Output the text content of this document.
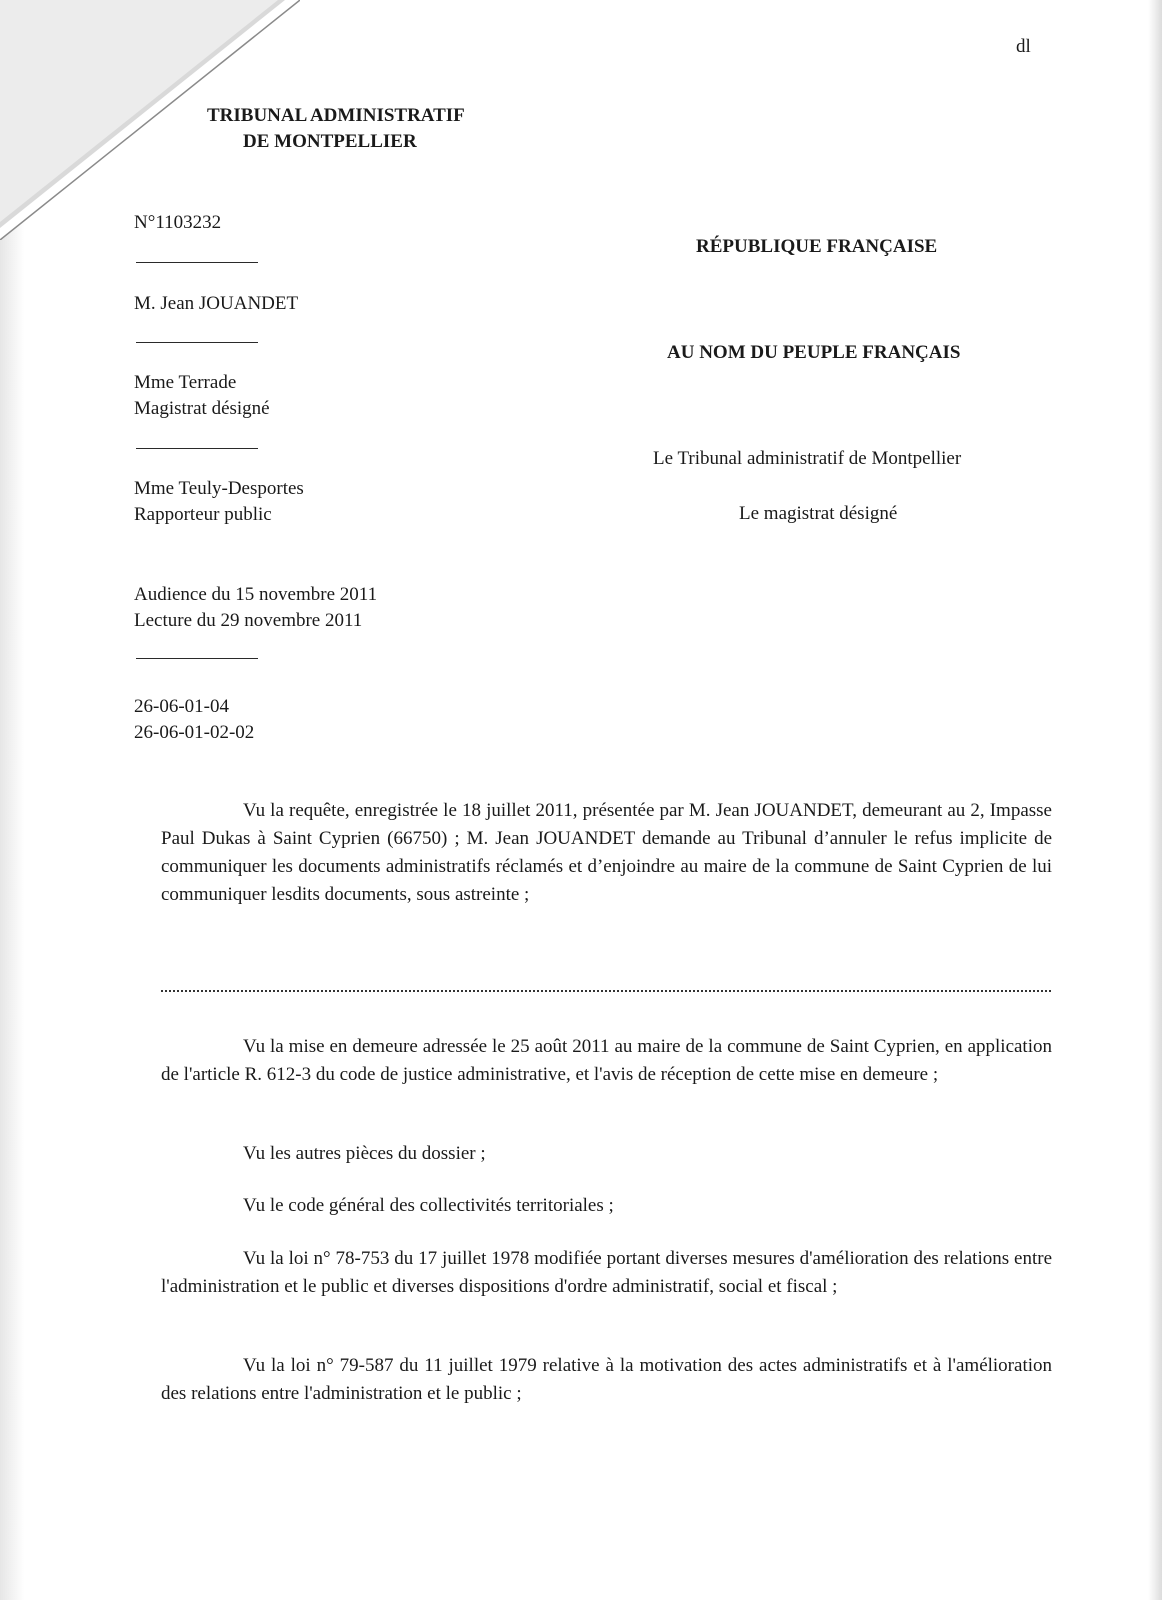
dl
TRIBUNAL ADMINISTRATIF
DE MONTPELLIER
N°1103232
RÉPUBLIQUE FRANÇAISE
M. Jean JOUANDET
AU NOM DU PEUPLE FRANÇAIS
Mme Terrade
Magistrat désigné
Le Tribunal administratif de Montpellier
Mme Teuly-Desportes
Rapporteur public	Le magistrat désigné
Audience du 15 novembre 2011
Lecture du 29 novembre 2011
26-06-01-04
26-06-01-02-02
Vu la requête, enregistrée le 18 juillet 2011, présentée par M. Jean JOUANDET, demeurant au 2, Impasse Paul Dukas à Saint Cyprien (66750) ; M. Jean JOUANDET demande au Tribunal d’annuler le refus implicite de communiquer les documents administratifs réclamés et d’enjoindre au maire de la commune de Saint Cyprien de lui communiquer lesdits documents, sous astreinte ;
Vu la mise en demeure adressée le 25 août 2011 au maire de la commune de Saint Cyprien, en application de l'article R. 612-3 du code de justice administrative, et l'avis de réception de cette mise en demeure ;
Vu les autres pièces du dossier ;
Vu le code général des collectivités territoriales ;
Vu la loi n° 78-753 du 17 juillet 1978 modifiée portant diverses mesures d'amélioration des relations entre l'administration et le public et diverses dispositions d'ordre administratif, social et fiscal ;
Vu la loi n° 79-587 du 11 juillet 1979 relative à la motivation des actes administratifs et à l'amélioration des relations entre l'administration et le public ;
